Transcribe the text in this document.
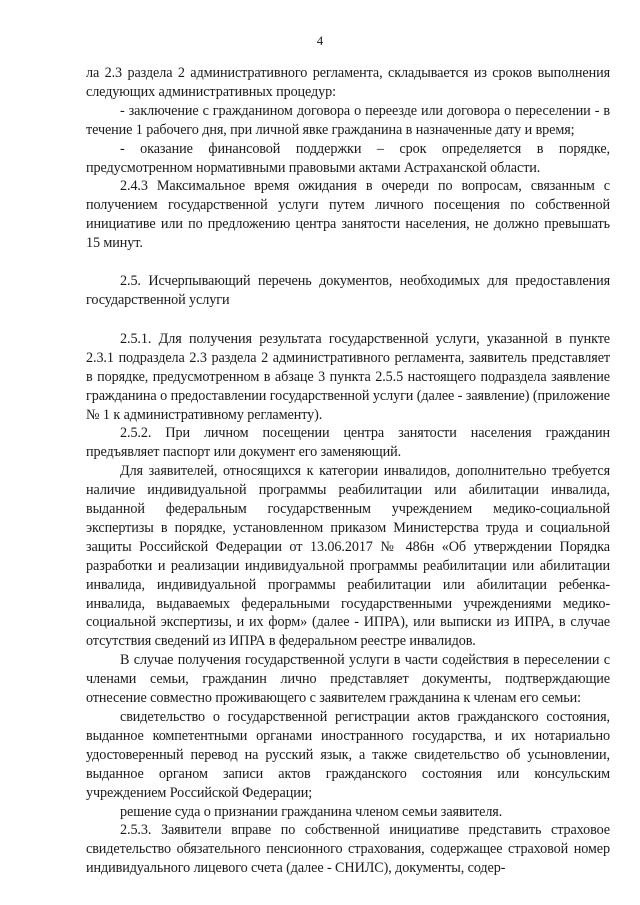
4

ла 2.3 раздела 2 административного регламента, складывается из сроков выполнения следующих административных процедур:

- заключение с гражданином договора о переезде или договора о переселении - в течение 1 рабочего дня, при личной явке гражданина в назначенные дату и время;

- оказание финансовой поддержки – срок определяется в порядке, предусмотренном нормативными правовыми актами Астраханской области.

2.4.3 Максимальное время ожидания в очереди по вопросам, связанным с получением государственной услуги путем личного посещения по собственной инициативе или по предложению центра занятости населения, не должно превышать 15 минут.

2.5. Исчерпывающий перечень документов, необходимых для предоставления государственной услуги

2.5.1. Для получения результата государственной услуги, указанной в пункте 2.3.1 подраздела 2.3 раздела 2 административного регламента, заявитель представляет в порядке, предусмотренном в абзаце 3 пункта 2.5.5 настоящего подраздела заявление гражданина о предоставлении государственной услуги (далее - заявление) (приложение № 1 к административному регламенту).

2.5.2. При личном посещении центра занятости населения гражданин предъявляет паспорт или документ его заменяющий.

Для заявителей, относящихся к категории инвалидов, дополнительно требуется наличие индивидуальной программы реабилитации или абилитации инвалида, выданной федеральным государственным учреждением медико-социальной экспертизы в порядке, установленном приказом Министерства труда и социальной защиты Российской Федерации от 13.06.2017 № 486н «Об утверждении Порядка разработки и реализации индивидуальной программы реабилитации или абилитации инвалида, индивидуальной программы реабилитации или абилитации ребенка-инвалида, выдаваемых федеральными государственными учреждениями медико-социальной экспертизы, и их форм» (далее - ИПРА), или выписки из ИПРА, в случае отсутствия сведений из ИПРА в федеральном реестре инвалидов.

В случае получения государственной услуги в части содействия в переселении с членами семьи, гражданин лично представляет документы, подтверждающие отнесение совместно проживающего с заявителем гражданина к членам его семьи:

свидетельство о государственной регистрации актов гражданского состояния, выданное компетентными органами иностранного государства, и их нотариально удостоверенный перевод на русский язык, а также свидетельство об усыновлении, выданное органом записи актов гражданского состояния или консульским учреждением Российской Федерации;

решение суда о признании гражданина членом семьи заявителя.

2.5.3. Заявители вправе по собственной инициативе представить страховое свидетельство обязательного пенсионного страхования, содержащее страховой номер индивидуального лицевого счета (далее - СНИЛС), документы, содер-
